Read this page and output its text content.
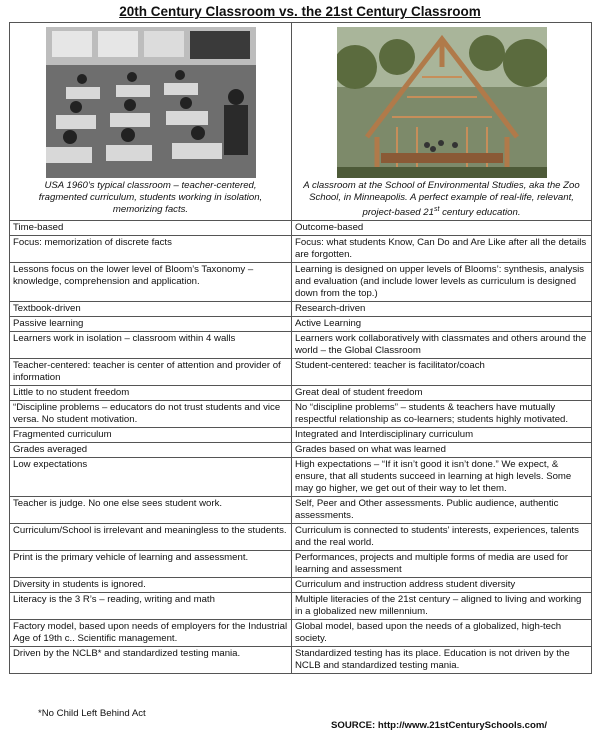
20th Century Classroom vs. the 21st Century Classroom
USA 1960’s typical classroom – teacher-centered, fragmented curriculum, students working in isolation, memorizing facts.	A classroom at the School of Environmental Studies, aka the Zoo School, in Minneapolis. A perfect example of real-life, relevant, project-based 21st century education.

Time-based	Outcome-based
Focus: memorization of discrete facts	Focus: what students Know, Can Do and Are Like after all the details are forgotten.
Lessons focus on the lower level of Bloom’s Taxonomy – knowledge, comprehension and application.	Learning is designed on upper levels of Blooms’: synthesis, analysis and evaluation (and include lower levels as curriculum is designed down from the top.)
Textbook-driven	Research-driven
Passive learning	Active Learning
Learners work in isolation – classroom within 4 walls	Learners work collaboratively with classmates and others around the world – the Global Classroom
Teacher-centered: teacher is center of attention and provider of information	Student-centered: teacher is facilitator/coach
Little to no student freedom	Great deal of student freedom
“Discipline problems – educators do not trust students and vice versa. No student motivation.	No “discipline problems” – students & teachers have mutually respectful relationship as co-learners; students highly motivated.
Fragmented curriculum	Integrated and Interdisciplinary curriculum
Grades averaged	Grades based on what was learned
Low expectations	High expectations – “If it isn’t good it isn’t done.” We expect, & ensure, that all students succeed in learning at high levels. Some may go higher, we get out of their way to let them.
Teacher is judge. No one else sees student work.	Self, Peer and Other assessments. Public audience, authentic assessments.
Curriculum/School is irrelevant and meaningless to the students.	Curriculum is connected to students’ interests, experiences, talents and the real world.
Print is the primary vehicle of learning and assessment.	Performances, projects and multiple forms of media are used for learning and assessment
Diversity in students is ignored.	Curriculum and instruction address student diversity
Literacy is the 3 R’s – reading, writing and math	Multiple literacies of the 21st century – aligned to living and working in a globalized new millennium.
Factory model, based upon needs of employers for the Industrial Age of 19th c.. Scientific management.	Global model, based upon the needs of a globalized, high-tech society.
Driven by the NCLB* and standardized testing mania.	Standardized testing has its place. Education is not driven by the NCLB and standardized testing mania.
*No Child Left Behind Act
SOURCE: http://www.21stCenturySchools.com/
